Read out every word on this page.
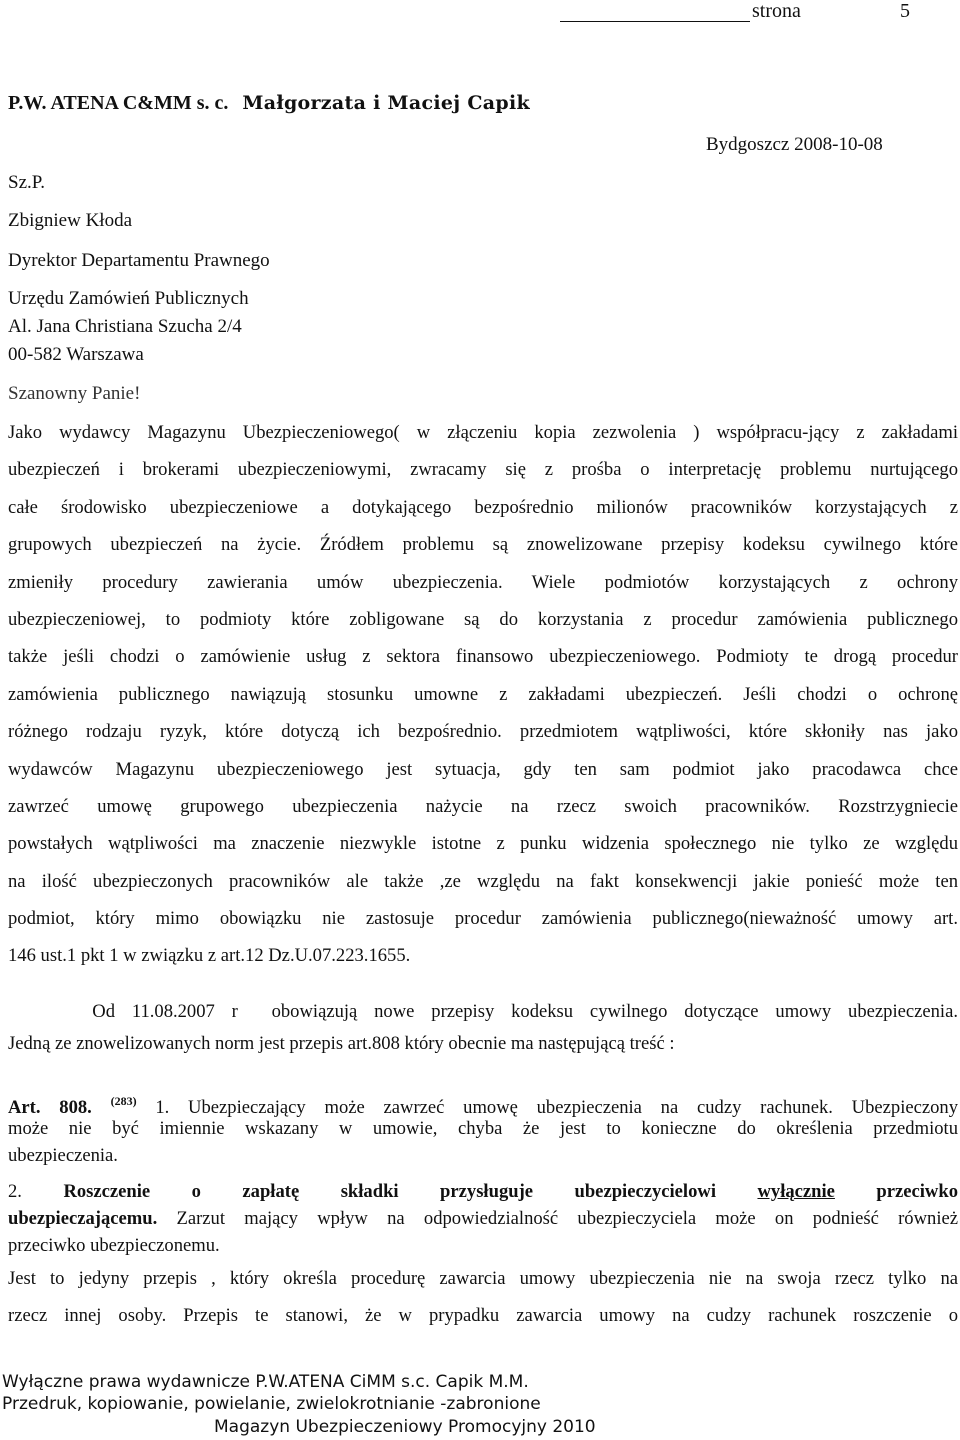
strona	5
P.W. ATENA C&MM s. c. Małgorzata i Maciej Capik
Bydgoszcz 2008-10-08
Sz.P.
Zbigniew Kłoda
Dyrektor Departamentu Prawnego
Urzędu Zamówień Publicznych
Al. Jana Christiana Szucha 2/4
00-582 Warszawa
Szanowny Panie!
Jako wydawcy Magazynu Ubezpieczeniowego( w złączeniu kopia zezwolenia ) współpracu-jący z zakładami
ubezpieczeń i brokerami ubezpieczeniowymi, zwracamy się z prośba o interpretację problemu nurtującego
całe środowisko ubezpieczeniowe a dotykającego bezpośrednio milionów pracowników korzystających z
grupowych ubezpieczeń na życie. Źródłem problemu są znowelizowane przepisy kodeksu cywilnego które
zmieniły procedury zawierania umów ubezpieczenia. Wiele podmiotów korzystających z ochrony
ubezpieczeniowej, to podmioty które zobligowane są do korzystania z procedur zamówienia publicznego
także jeśli chodzi o zamówienie usług z sektora finansowo ubezpieczeniowego. Podmioty te drogą procedur
zamówienia publicznego nawiązują stosunku umowne z zakładami ubezpieczeń. Jeśli chodzi o ochronę
różnego rodzaju ryzyk, które dotyczą ich bezpośrednio. przedmiotem wątpliwości, które skłoniły nas jako
wydawców Magazynu ubezpieczeniowego jest sytuacja, gdy ten sam podmiot jako pracodawca chce
zawrzeć umowę grupowego ubezpieczenia nażycie na rzecz swoich pracowników. Rozstrzygniecie
powstałych wątpliwości ma znaczenie niezwykle istotne z punku widzenia społecznego nie tylko ze względu
na ilość ubezpieczonych pracowników ale także ,ze względu na fakt konsekwencji jakie ponieść może ten
podmiot, który mimo obowiązku nie zastosuje procedur zamówienia publicznego(nieważność umowy art.
146 ust.1 pkt 1 w związku z art.12 Dz.U.07.223.1655.
Od 11.08.2007 r  obowiązują nowe przepisy kodeksu cywilnego dotyczące umowy ubezpieczenia.
Jedną ze znowelizowanych norm jest przepis art.808 który obecnie ma następującą treść :
Art. 808. $^{(283)}$ 1. Ubezpieczający może zawrzeć umowę ubezpieczenia na cudzy rachunek. Ubezpieczony
może nie być imiennie wskazany w umowie, chyba że jest to konieczne do określenia przedmiotu
ubezpieczenia.
2. Roszczenie o zapłatę składki przysługuje ubezpieczycielowi wyłącznie przeciwko
ubezpieczającemu. Zarzut mający wpływ na odpowiedzialność ubezpieczyciela może on podnieść również
przeciwko ubezpieczonemu.
Jest to jedyny przepis , który określa procedurę zawarcia umowy ubezpieczenia nie na swoja rzecz tylko na
rzecz innej osoby. Przepis te stanowi, że w prypadku zawarcia umowy na cudzy rachunek roszczenie o
Wyłączne prawa wydawnicze P.W.ATENA CiMM s.c. Capik M.M.
Przedruk, kopiowanie, powielanie, zwielokrotnianie -zabronione
Magazyn Ubezpieczeniowy Promocyjny 2010
